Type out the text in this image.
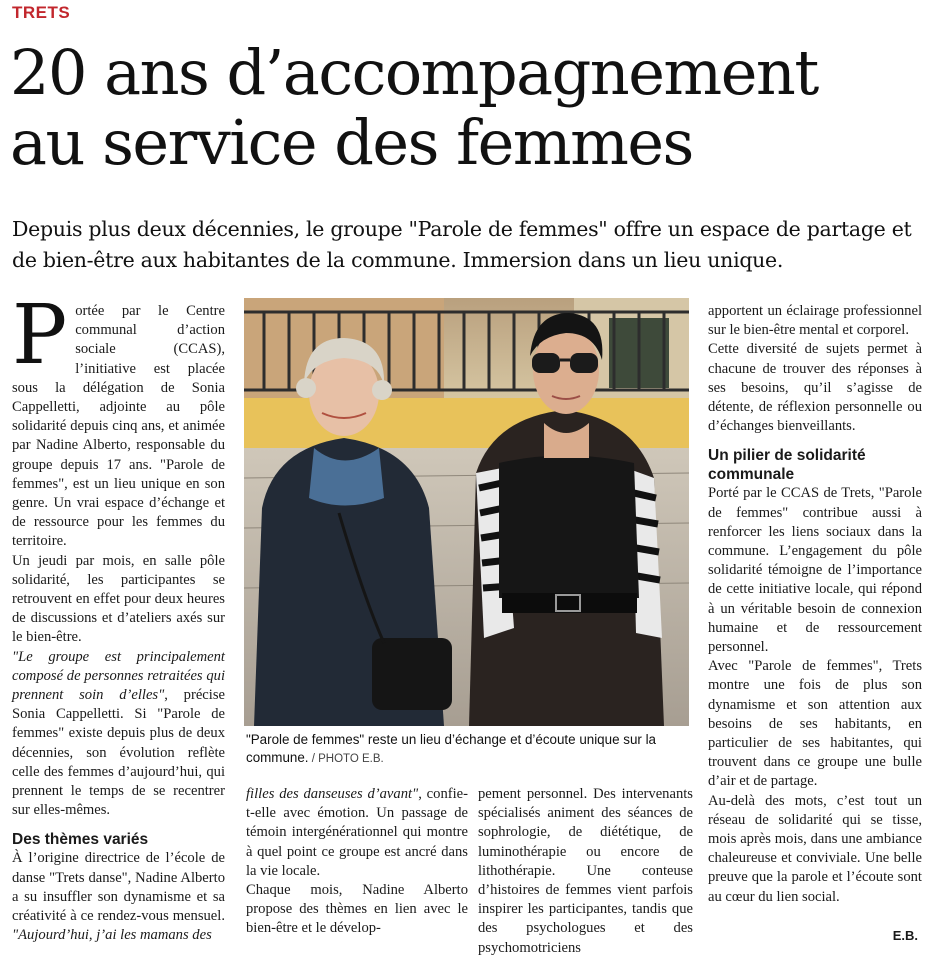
TRETS
20 ans d’accompagnement
au service des femmes

Depuis plus deux décennies, le groupe "Parole de femmes" offre un espace de partage et de bien-être aux habitantes de la commune. Immersion dans un lieu unique.

Portée par le Centre communal d’action sociale (CCAS), l’initiative est placée sous la délégation de Sonia Cappelletti, adjointe au pôle solidarité depuis cinq ans, et animée par Nadine Alberto, responsable du groupe depuis 17 ans. "Parole de femmes", est un lieu unique en son genre. Un vrai espace d’échange et de ressource pour les femmes du territoire.

Un jeudi par mois, en salle pôle solidarité, les participantes se retrouvent en effet pour deux heures de discussions et d’ateliers axés sur le bien-être.

"Le groupe est principalement composé de personnes retraitées qui prennent soin d’elles", précise Sonia Cappelletti. Si "Parole de femmes" existe depuis plus de deux décennies, son évolution reflète celle des femmes d’aujourd’hui, qui prennent le temps de se recentrer sur elles-mêmes.

Des thèmes variés

À l’origine directrice de l’école de danse "Trets danse", Nadine Alberto a su insuffler son dynamisme et sa créativité à ce rendez-vous mensuel. "Aujourd’hui, j’ai les mamans des

"Parole de femmes" reste un lieu d’échange et d’écoute unique sur la commune. / PHOTO E.B.

filles des danseuses d’avant", confie-t-elle avec émotion. Un passage de témoin intergénérationnel qui montre à quel point ce groupe est ancré dans la vie locale.

Chaque mois, Nadine Alberto propose des thèmes en lien avec le bien-être et le dévelop-

pement personnel. Des intervenants spécialisés animent des séances de sophrologie, de diététique, de luminothérapie ou encore de lithothérapie. Une conteuse d’histoires de femmes vient parfois inspirer les participantes, tandis que des psychologues et des psychomotriciens

apportent un éclairage professionnel sur le bien-être mental et corporel.

Cette diversité de sujets permet à chacune de trouver des réponses à ses besoins, qu’il s’agisse de détente, de réflexion personnelle ou d’échanges bienveillants.

Un pilier de solidarité communale

Porté par le CCAS de Trets, "Parole de femmes" contribue aussi à renforcer les liens sociaux dans la commune. L’engagement du pôle solidarité témoigne de l’importance de cette initiative locale, qui répond à un véritable besoin de connexion humaine et de ressourcement personnel.

Avec "Parole de femmes", Trets montre une fois de plus son dynamisme et son attention aux besoins de ses habitants, en particulier de ses habitantes, qui trouvent dans ce groupe une bulle d’air et de partage.

Au-delà des mots, c’est tout un réseau de solidarité qui se tisse, mois après mois, dans une ambiance chaleureuse et conviviale. Une belle preuve que la parole et l’écoute sont au cœur du lien social.

E.B.
